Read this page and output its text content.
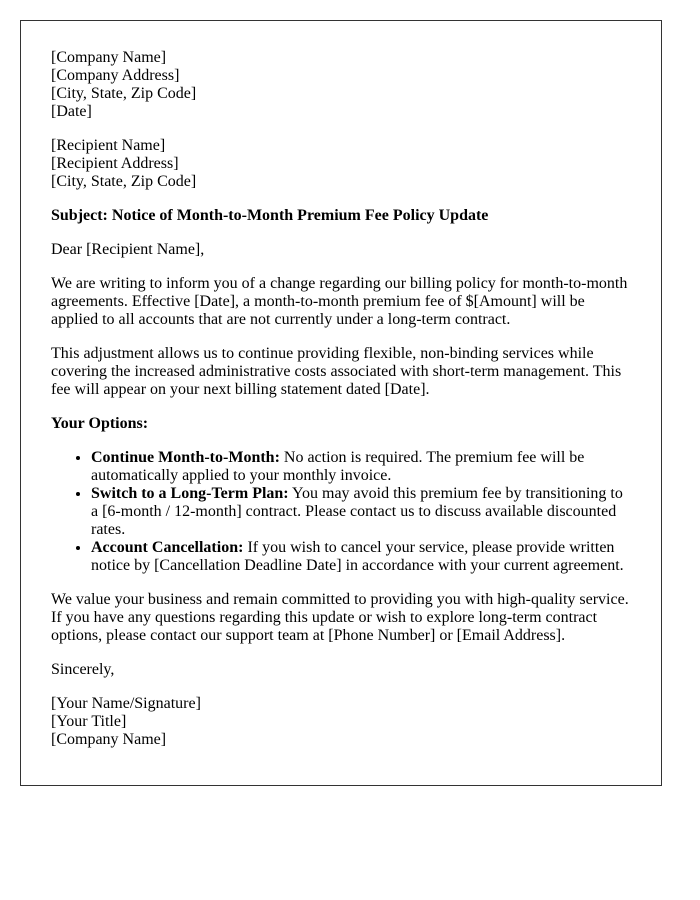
[Company Name]
[Company Address]
[City, State, Zip Code]
[Date]

[Recipient Name]
[Recipient Address]
[City, State, Zip Code]

Subject: Notice of Month-to-Month Premium Fee Policy Update

Dear [Recipient Name],

We are writing to inform you of a change regarding our billing policy for month-to-month agreements. Effective [Date], a month-to-month premium fee of $[Amount] will be applied to all accounts that are not currently under a long-term contract.

This adjustment allows us to continue providing flexible, non-binding services while covering the increased administrative costs associated with short-term management. This fee will appear on your next billing statement dated [Date].

Your Options:

• Continue Month-to-Month: No action is required. The premium fee will be automatically applied to your monthly invoice.
• Switch to a Long-Term Plan: You may avoid this premium fee by transitioning to a [6-month / 12-month] contract. Please contact us to discuss available discounted rates.
• Account Cancellation: If you wish to cancel your service, please provide written notice by [Cancellation Deadline Date] in accordance with your current agreement.

We value your business and remain committed to providing you with high-quality service. If you have any questions regarding this update or wish to explore long-term contract options, please contact our support team at [Phone Number] or [Email Address].

Sincerely,

[Your Name/Signature]
[Your Title]
[Company Name]
